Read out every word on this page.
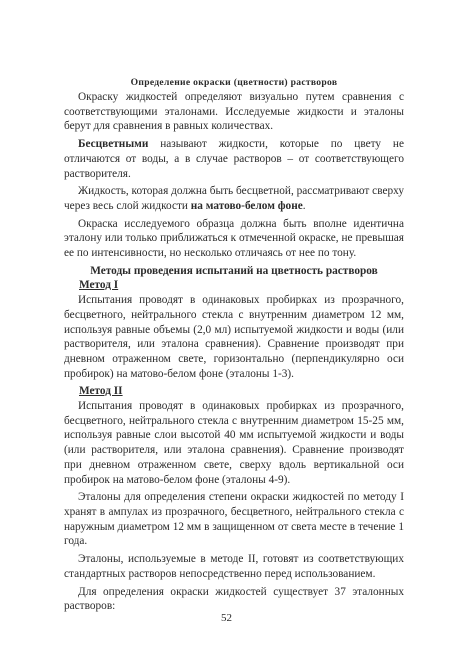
Определение окраски (цветности) растворов

Окраску жидкостей определяют визуально путем сравнения с соответствующими эталонами. Исследуемые жидкости и эталоны берут для сравнения в равных количествах.

Бесцветными называют жидкости, которые по цвету не отличаются от воды, а в случае растворов – от соответствующего растворителя.

Жидкость, которая должна быть бесцветной, рассматривают сверху через весь слой жидкости на матово-белом фоне.

Окраска исследуемого образца должна быть вполне идентична эталону или только приближаться к отмеченной окраске, не превышая ее по интенсивности, но несколько отличаясь от нее по тону.

Методы проведения испытаний на цветность растворов
Метод I

Испытания проводят в одинаковых пробирках из прозрачного, бесцветного, нейтрального стекла с внутренним диаметром 12 мм, используя равные объемы (2,0 мл) испытуемой жидкости и воды (или растворителя, или эталона сравнения). Сравнение производят при дневном отраженном свете, горизонтально (перпендикулярно оси пробирок) на матово-белом фоне (эталоны 1-3).

Метод II

Испытания проводят в одинаковых пробирках из прозрачного, бесцветного, нейтрального стекла с внутренним диаметром 15-25 мм, используя равные слои высотой 40 мм испытуемой жидкости и воды (или растворителя, или эталона сравнения). Сравнение производят при дневном отраженном свете, сверху вдоль вертикальной оси пробирок на матово-белом фоне (эталоны 4-9).

Эталоны для определения степени окраски жидкостей по методу I хранят в ампулах из прозрачного, бесцветного, нейтрального стекла с наружным диаметром 12 мм в защищенном от света месте в течение 1 года.

Эталоны, используемые в методе II, готовят из соответствующих стандартных растворов непосредственно перед использованием.

Для определения окраски жидкостей существует 37 эталонных растворов:

52
